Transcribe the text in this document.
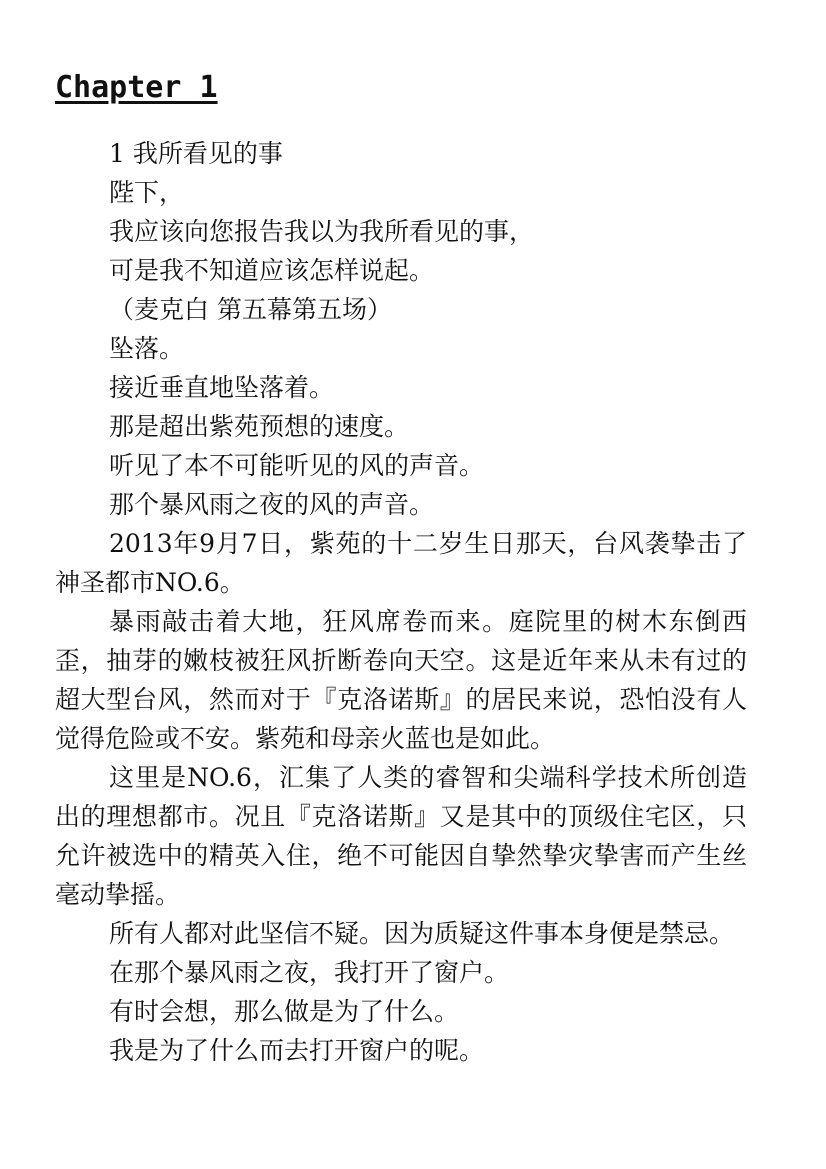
Chapter_1

1 我所看见的事

陛下，

我应该向您报告我以为我所看见的事，

可是我不知道应该怎样说起。

（麦克白 第五幕第五场）

坠落。

接近垂直地坠落着。

那是超出紫苑预想的速度。

听见了本不可能听见的风的声音。

那个暴风雨之夜的风的声音。

2013年9月7日，紫苑的十二岁生日那天，台风袭挚击了神圣都市NO.6。

暴雨敲击着大地，狂风席卷而来。庭院里的树木东倒西歪，抽芽的嫩枝被狂风折断卷向天空。这是近年来从未有过的超大型台风，然而对于『克洛诺斯』的居民来说，恐怕没有人觉得危险或不安。紫苑和母亲火蓝也是如此。

这里是NO.6，汇集了人类的睿智和尖端科学技术所创造出的理想都市。况且『克洛诺斯』又是其中的顶级住宅区，只允许被选中的精英入住，绝不可能因自挚然挚灾挚害而产生丝毫动挚摇。

所有人都对此坚信不疑。因为质疑这件事本身便是禁忌。

在那个暴风雨之夜，我打开了窗户。

有时会想，那么做是为了什么。

我是为了什么而去打开窗户的呢。
